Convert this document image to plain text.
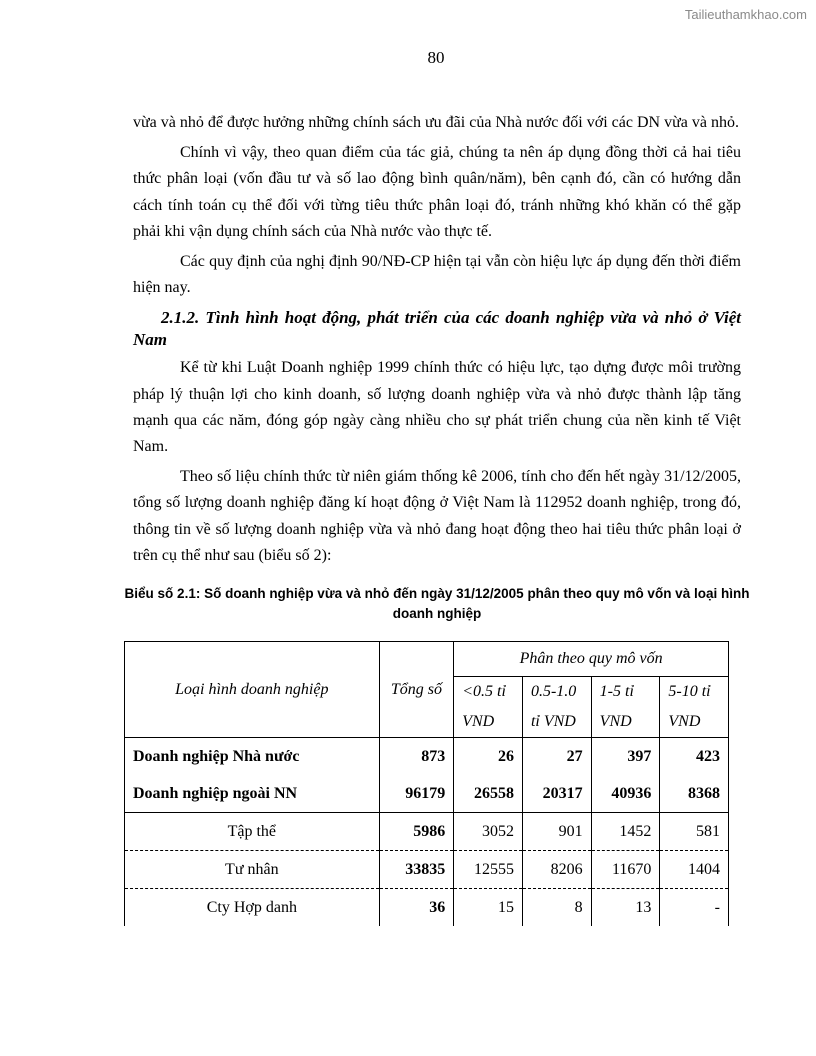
Tailieuthamkhao.com
80

vừa và nhỏ để được hưởng những chính sách ưu đãi của Nhà nước đối với các DN vừa và nhỏ.

Chính vì vậy, theo quan điểm của tác giả, chúng ta nên áp dụng đồng thời cả hai tiêu thức phân loại (vốn đầu tư và số lao động bình quân/năm), bên cạnh đó, cần có hướng dẫn cách tính toán cụ thể đối với từng tiêu thức phân loại đó, tránh những khó khăn có thể gặp phải khi vận dụng chính sách của Nhà nước vào thực tế.

Các quy định của nghị định 90/NĐ-CP hiện tại vẫn còn hiệu lực áp dụng đến thời điểm hiện nay.

2.1.2. Tình hình hoạt động, phát triển của các doanh nghiệp vừa và nhỏ ở Việt Nam

Kể từ khi Luật Doanh nghiệp 1999 chính thức có hiệu lực, tạo dựng được môi trường pháp lý thuận lợi cho kinh doanh, số lượng doanh nghiệp vừa và nhỏ được thành lập tăng mạnh qua các năm, đóng góp ngày càng nhiều cho sự phát triển chung của nền kinh tế Việt Nam.

Theo số liệu chính thức từ niên giám thống kê 2006, tính cho đến hết ngày 31/12/2005, tổng số lượng doanh nghiệp đăng kí hoạt động ở Việt Nam là 112952 doanh nghiệp, trong đó, thông tin về số lượng doanh nghiệp vừa và nhỏ đang hoạt động theo hai tiêu thức phân loại ở trên cụ thể như sau (biểu số 2):

Biểu số 2.1: Số doanh nghiệp vừa và nhỏ đến ngày 31/12/2005 phân theo quy mô vốn và loại hình doanh nghiệp
Loại hình doanh nghiệp	Tổng số	Phân theo quy mô vốn			
		<0.5 tỉ VND	0.5-1.0 tỉ VND	1-5 tỉ VND	5-10 tỉ VND
Doanh nghiệp Nhà nước	873	26	27	397	423
Doanh nghiệp ngoài NN	96179	26558	20317	40936	8368
Tập thể	5986	3052	901	1452	581
Tư nhân	33835	12555	8206	11670	1404
Cty Hợp danh	36	15	8	13	-
